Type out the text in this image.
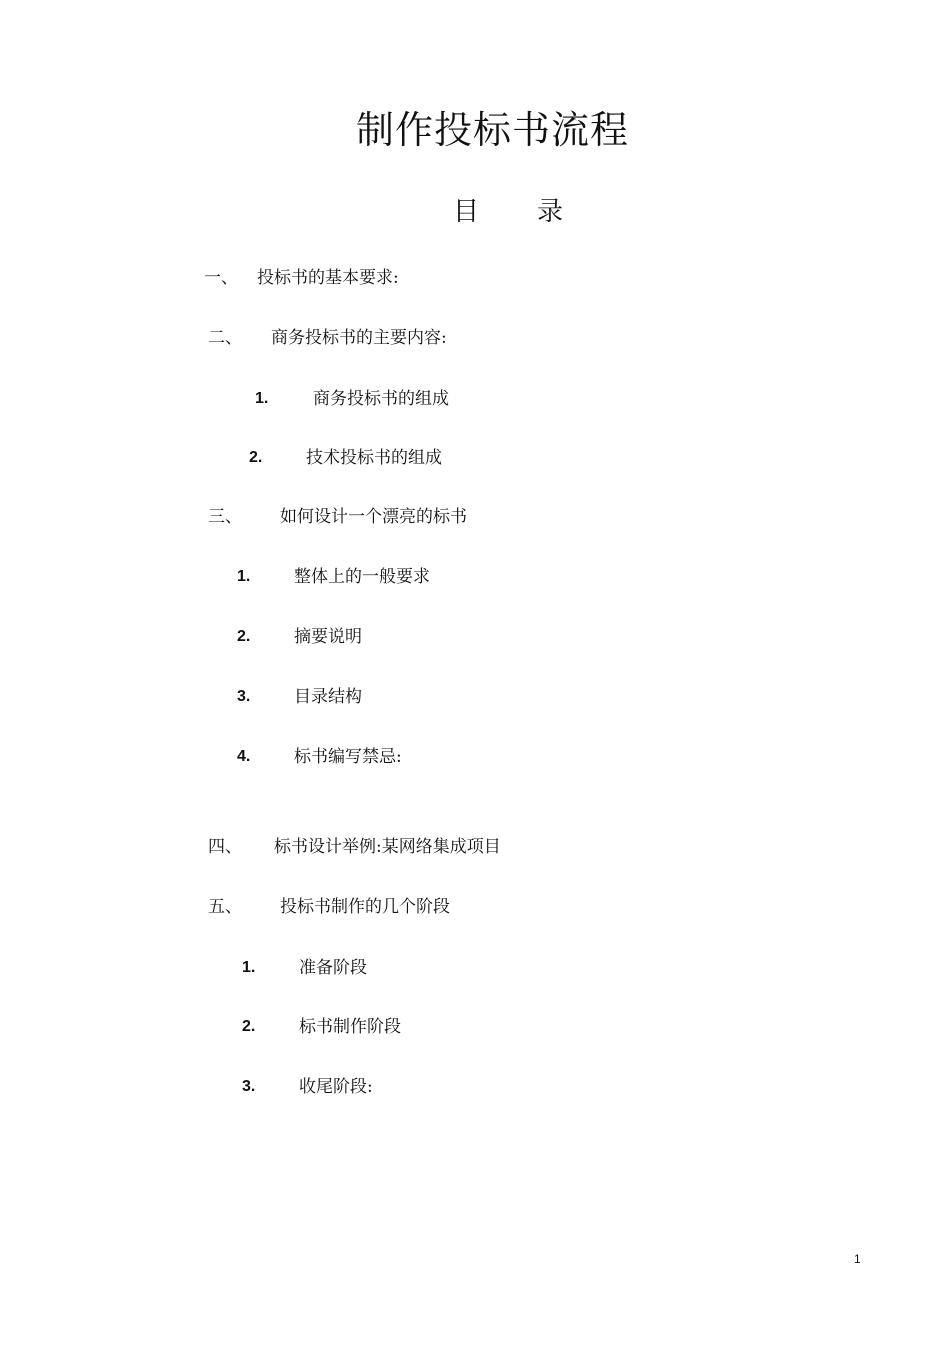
制作投标书流程
目 录
一、 投标书的基本要求:
二、 商务投标书的主要内容:
1.	商务投标书的组成
2.	技术投标书的组成
三、 如何设计一个漂亮的标书
1.	整体上的一般要求
2.	摘要说明
3.	目录结构
4.	标书编写禁忌:
四、 标书设计举例:某网络集成项目
五、 投标书制作的几个阶段
1.	准备阶段
2.	标书制作阶段
3.	收尾阶段:
1
